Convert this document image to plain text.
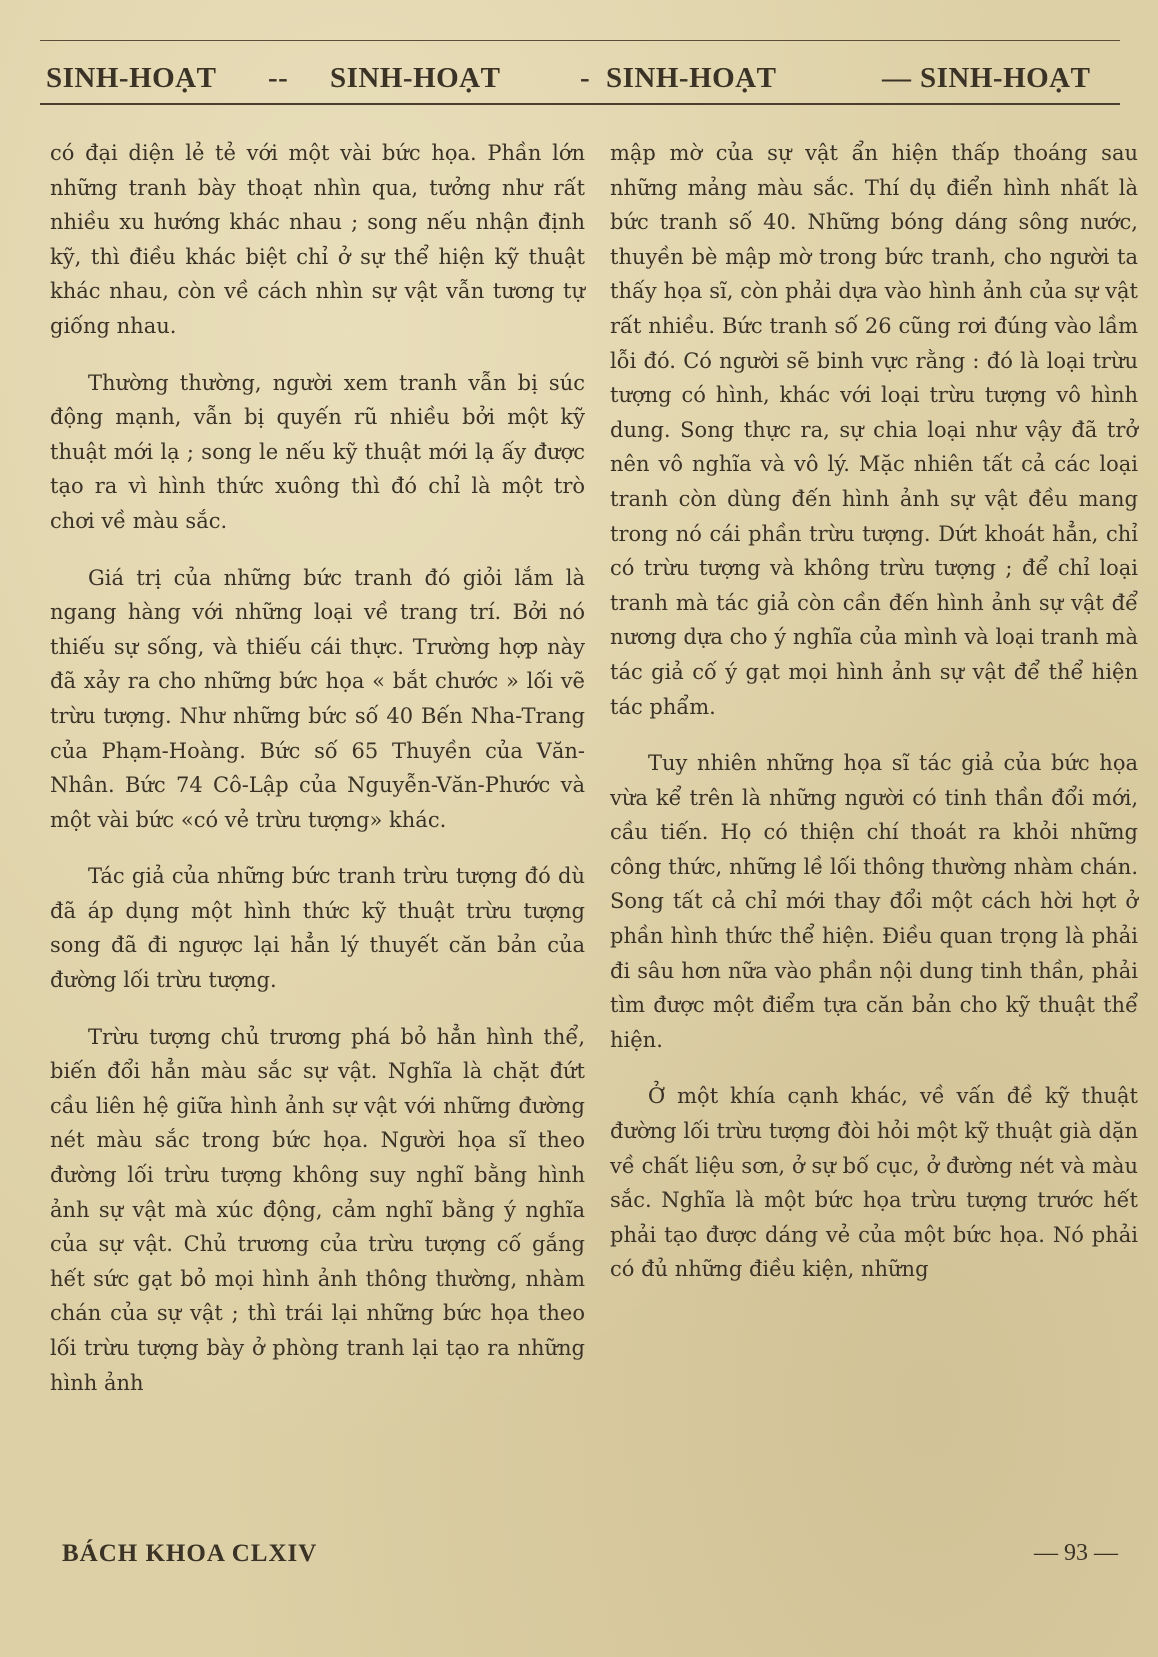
SINH-HOẠT -- SINH-HOẠT	- SINH-HOẠT	— SINH-HOẠT

có đại diện lẻ tẻ với một vài bức họa. Phần lớn những tranh bày thoạt nhìn qua, tưởng như rất nhiều xu hướng khác nhau ; song nếu nhận định kỹ, thì điều khác biệt chỉ ở sự thể hiện kỹ thuật khác nhau, còn về cách nhìn sự vật vẫn tương tự giống nhau.

Thường thường, người xem tranh vẫn bị súc động mạnh, vẫn bị quyến rũ nhiều bởi một kỹ thuật mới lạ ; song le nếu kỹ thuật mới lạ ấy được tạo ra vì hình thức xuông thì đó chỉ là một trò chơi về màu sắc.

Giá trị của những bức tranh đó giỏi lắm là ngang hàng với những loại về trang trí. Bởi nó thiếu sự sống, và thiếu cái thực. Trường hợp này đã xảy ra cho những bức họa « bắt chước » lối vẽ trừu tượng. Như những bức số 40 Bến Nha-Trang của Phạm-Hoàng. Bức số 65 Thuyền của Văn-Nhân. Bức 74 Cô-Lập của Nguyễn-Văn-Phước và một vài bức «có vẻ trừu tượng» khác.

Tác giả của những bức tranh trừu tượng đó dù đã áp dụng một hình thức kỹ thuật trừu tượng song đã đi ngược lại hẳn lý thuyết căn bản của đường lối trừu tượng.

Trừu tượng chủ trương phá bỏ hẳn hình thể, biến đổi hẳn màu sắc sự vật. Nghĩa là chặt đứt cầu liên hệ giữa hình ảnh sự vật với những đường nét màu sắc trong bức họa. Người họa sĩ theo đường lối trừu tượng không suy nghĩ bằng hình ảnh sự vật mà xúc động, cảm nghĩ bằng ý nghĩa của sự vật. Chủ trương của trừu tượng cố gắng hết sức gạt bỏ mọi hình ảnh thông thường, nhàm chán của sự vật ; thì trái lại những bức họa theo lối trừu tượng bày ở phòng tranh lại tạo ra những hình ảnh

mập mờ của sự vật ẩn hiện thấp thoáng sau những mảng màu sắc. Thí dụ điển hình nhất là bức tranh số 40. Những bóng dáng sông nước, thuyền bè mập mờ trong bức tranh, cho người ta thấy họa sĩ, còn phải dựa vào hình ảnh của sự vật rất nhiều. Bức tranh số 26 cũng rơi đúng vào lầm lỗi đó. Có người sẽ binh vực rằng : đó là loại trừu tượng có hình, khác với loại trừu tượng vô hình dung. Song thực ra, sự chia loại như vậy đã trở nên vô nghĩa và vô lý. Mặc nhiên tất cả các loại tranh còn dùng đến hình ảnh sự vật đều mang trong nó cái phần trừu tượng. Dứt khoát hẳn, chỉ có trừu tượng và không trừu tượng ; để chỉ loại tranh mà tác giả còn cần đến hình ảnh sự vật để nương dựa cho ý nghĩa của mình và loại tranh mà tác giả cố ý gạt mọi hình ảnh sự vật để thể hiện tác phẩm.

Tuy nhiên những họa sĩ tác giả của bức họa vừa kể trên là những người có tinh thần đổi mới, cầu tiến. Họ có thiện chí thoát ra khỏi những công thức, những lề lối thông thường nhàm chán. Song tất cả chỉ mới thay đổi một cách hời hợt ở phần hình thức thể hiện. Điều quan trọng là phải đi sâu hơn nữa vào phần nội dung tinh thần, phải tìm được một điểm tựa căn bản cho kỹ thuật thể hiện.

Ở một khía cạnh khác, về vấn đề kỹ thuật đường lối trừu tượng đòi hỏi một kỹ thuật già dặn về chất liệu sơn, ở sự bố cục, ở đường nét và màu sắc. Nghĩa là một bức họa trừu tượng trước hết phải tạo được dáng vẻ của một bức họa. Nó phải có đủ những điều kiện, những

BÁCH KHOA CLXIV	— 93 —
